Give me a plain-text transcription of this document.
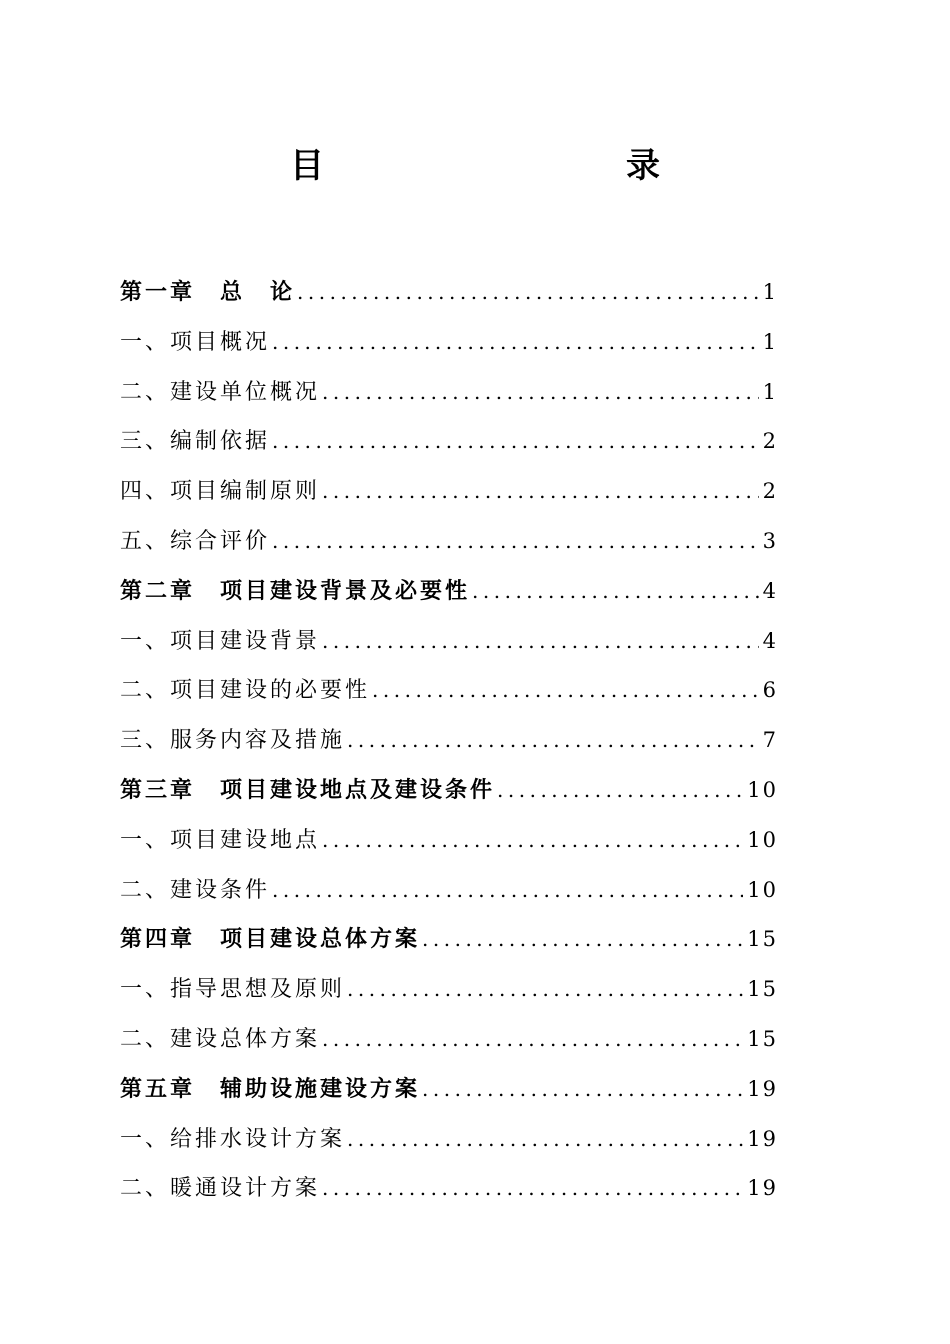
目　　录
第一章　总　论 .....	1
一、项目概况 .....	1
二、建设单位概况 .....	1
三、编制依据 .....	2
四、项目编制原则 .....	2
五、综合评价 .....	3
第二章　项目建设背景及必要性 .....	4
一、项目建设背景 .....	4
二、项目建设的必要性 .....	6
三、服务内容及措施 .....	7
第三章　项目建设地点及建设条件 .....	10
一、项目建设地点 .....	10
二、建设条件 .....	10
第四章　项目建设总体方案 .....	15
一、指导思想及原则 .....	15
二、建设总体方案 .....	15
第五章　辅助设施建设方案 .....	19
一、给排水设计方案 .....	19
二、暖通设计方案 .....	19
